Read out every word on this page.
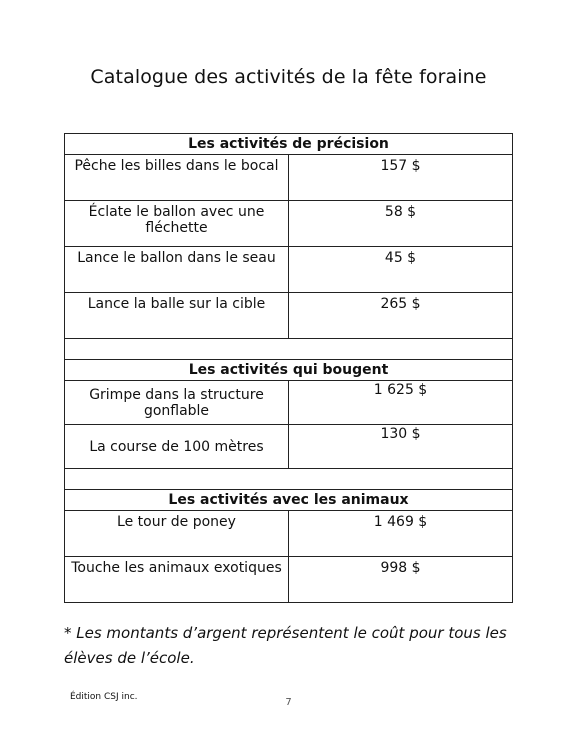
Catalogue des activités de la fête foraine
Les activités de précision	
Pêche les billes dans le bocal	157 $
Éclate le ballon avec une fléchette	58 $
Lance le ballon dans le seau	45 $
Lance la balle sur la cible	265 $

Les activités qui bougent	
Grimpe dans la structure gonflable	1 625 $
La course de 100 mètres	130 $

Les activités avec les animaux	
Le tour de poney	1 469 $
Touche les animaux exotiques	998 $
* Les montants d’argent représentent le coût pour tous les élèves de l’école.
Édition CSJ inc.	7
